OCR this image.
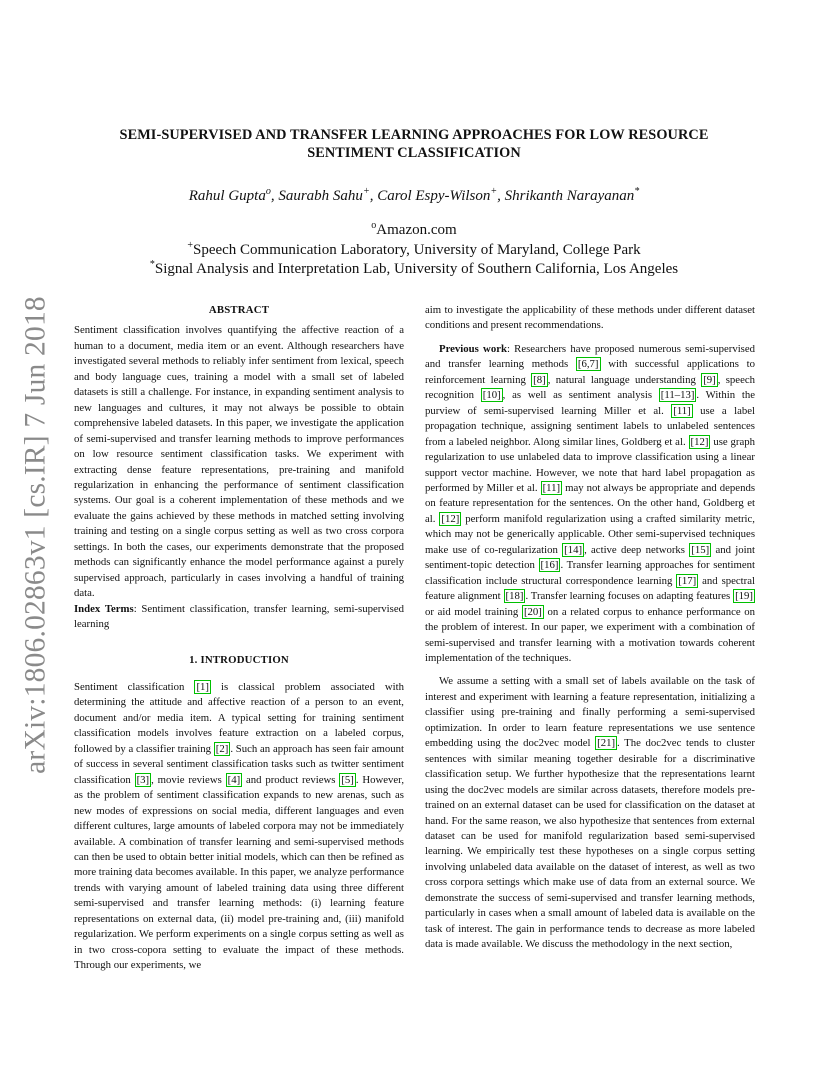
arXiv:1806.02863v1 [cs.IR] 7 Jun 2018

SEMI-SUPERVISED AND TRANSFER LEARNING APPROACHES FOR LOW RESOURCE
SENTIMENT CLASSIFICATION

Rahul Gupta$^o$, Saurabh Sahu+, Carol Espy-Wilson+, Shrikanth Narayanan*
$^o$Amazon.com
+Speech Communication Laboratory, University of Maryland, College Park
*Signal Analysis and Interpretation Lab, University of Southern California, Los Angeles
ABSTRACT

Sentiment classification involves quantifying the affective reaction of a human to a document, media item or an event. Although researchers have investigated several methods to reliably infer sentiment from lexical, speech and body language cues, training a model with a small set of labeled datasets is still a challenge. For instance, in expanding sentiment analysis to new languages and cultures, it may not always be possible to obtain comprehensive labeled datasets. In this paper, we investigate the application of semi-supervised and transfer learning methods to improve performances on low resource sentiment classification tasks. We experiment with extracting dense feature representations, pre-training and manifold regularization in enhancing the performance of sentiment classification systems. Our goal is a coherent implementation of these methods and we evaluate the gains achieved by these methods in matched setting involving training and testing on a single corpus setting as well as two cross corpora settings. In both the cases, our experiments demonstrate that the proposed methods can significantly enhance the model performance against a purely supervised approach, particularly in cases involving a handful of training data.

Index Terms: Sentiment classification, transfer learning, semi-supervised learning

1. INTRODUCTION

Sentiment classification [1] is classical problem associated with determining the attitude and affective reaction of a person to an event, document and/or media item. A typical setting for training sentiment classification models involves feature extraction on a labeled corpus, followed by a classifier training [2] . Such an approach has seen fair amount of success in several sentiment classification tasks such as twitter sentiment classification [3] , movie reviews [4] and product reviews [5] . However, as the problem of sentiment classification expands to new arenas, such as new modes of expressions on social media, different languages and even different cultures, large amounts of labeled corpora may not be immediately available. A combination of transfer learning and semi-supervised methods can then be used to obtain better initial models, which can then be refined as more training data becomes available. In this paper, we analyze performance trends with varying amount of labeled training data using three different semi-supervised and transfer learning methods: (i) learning feature representations on external data, (ii) model pre-training and, (iii) manifold regularization. We perform experiments on a single corpus setting as well as in two cross-copora setting to evaluate the impact of these methods. Through our experiments, we

aim to investigate the applicability of these methods under different dataset conditions and present recommendations.

Previous work: Researchers have proposed numerous semi-supervised and transfer learning methods [6,7] with successful applications to reinforcement learning [8] , natural language understanding [9] , speech recognition [10] , as well as sentiment analysis [11–13] . Within the purview of semi-supervised learning Miller et al. [11] use a label propagation technique, assigning sentiment labels to unlabeled sentences from a labeled neighbor. Along similar lines, Goldberg et al. [12] use graph regularization to use unlabeled data to improve classification using a linear support vector machine. However, we note that hard label propagation as performed by Miller et al. [11] may not always be appropriate and depends on feature representation for the sentences. On the other hand, Goldberg et al. [12] perform manifold regularization using a crafted similarity metric, which may not be generically applicable. Other semi-supervised techniques make use of co-regularization [14] , active deep networks [15] and joint sentiment-topic detection [16] . Transfer learning approaches for sentiment classification include structural correspondence learning [17] and spectral feature alignment [18] . Transfer learning focuses on adapting features [19] or aid model training [20] on a related corpus to enhance performance on the problem of interest. In our paper, we experiment with a combination of semi-supervised and transfer learning with a motivation towards coherent implementation of the techniques.

We assume a setting with a small set of labels available on the task of interest and experiment with learning a feature representation, initializing a classifier using pre-training and finally performing a semi-supervised optimization. In order to learn feature representations we use sentence embedding using the doc2vec model [21] . The doc2vec tends to cluster sentences with similar meaning together desirable for a discriminative classification setup. We further hypothesize that the representations learnt using the doc2vec models are similar across datasets, therefore models pre-trained on an external dataset can be used for classification on the dataset at hand. For the same reason, we also hypothesize that sentences from external dataset can be used for manifold regularization based semi-supervised learning. We empirically test these hypotheses on a single corpus setting involving unlabeled data available on the dataset of interest, as well as two cross corpora settings which make use of data from an external source. We demonstrate the success of semi-supervised and transfer learning methods, particularly in cases when a small amount of labeled data is available on the task of interest. The gain in performance tends to decrease as more labeled data is made available. We discuss the methodology in the next section,
